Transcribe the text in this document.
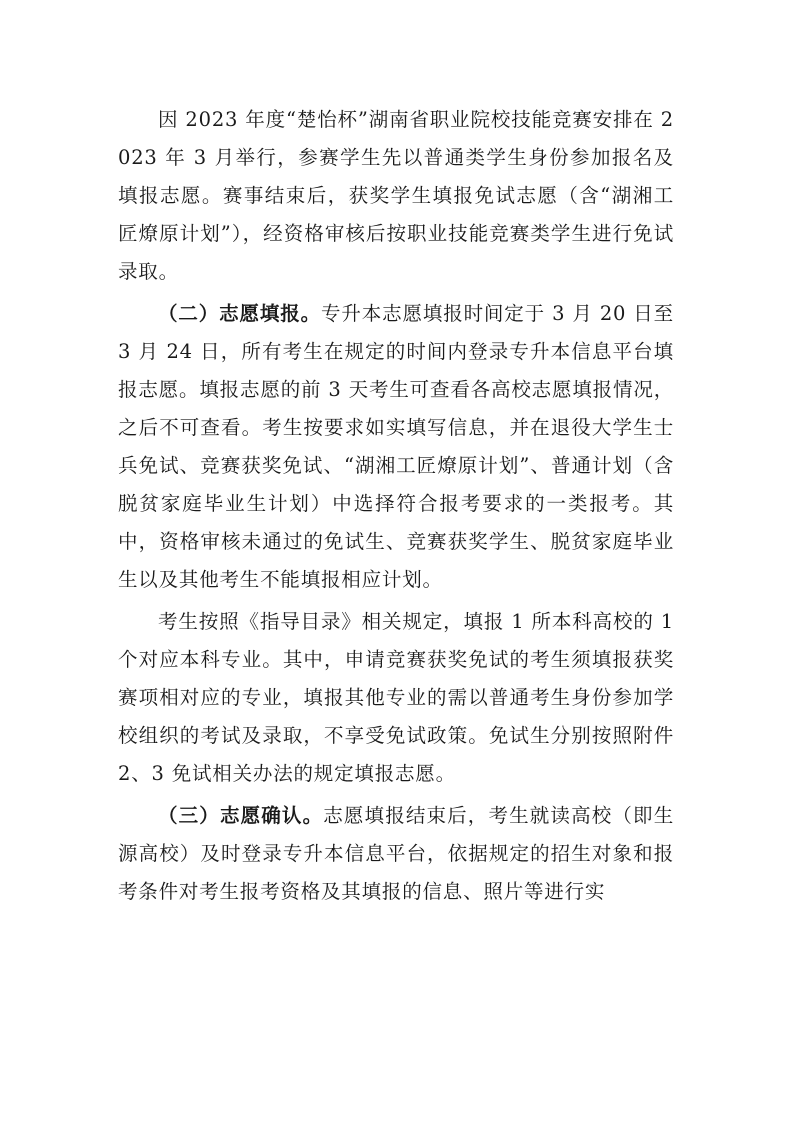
因 2023 年度“楚怡杯”湖南省职业院校技能竞赛安排在 2023 年 3 月举行，参赛学生先以普通类学生身份参加报名及填报志愿。赛事结束后，获奖学生填报免试志愿（含“湖湘工匠燎原计划”），经资格审核后按职业技能竞赛类学生进行免试录取。

（二）志愿填报。专升本志愿填报时间定于 3 月 20 日至 3 月 24 日，所有考生在规定的时间内登录专升本信息平台填报志愿。填报志愿的前 3 天考生可查看各高校志愿填报情况，之后不可查看。考生按要求如实填写信息，并在退役大学生士兵免试、竞赛获奖免试、“湖湘工匠燎原计划”、普通计划（含脱贫家庭毕业生计划）中选择符合报考要求的一类报考。其中，资格审核未通过的免试生、竞赛获奖学生、脱贫家庭毕业生以及其他考生不能填报相应计划。

考生按照《指导目录》相关规定，填报 1 所本科高校的 1 个对应本科专业。其中，申请竞赛获奖免试的考生须填报获奖赛项相对应的专业，填报其他专业的需以普通考生身份参加学校组织的考试及录取，不享受免试政策。免试生分别按照附件 2、3 免试相关办法的规定填报志愿。

（三）志愿确认。志愿填报结束后，考生就读高校（即生源高校）及时登录专升本信息平台，依据规定的招生对象和报考条件对考生报考资格及其填报的信息、照片等进行实
